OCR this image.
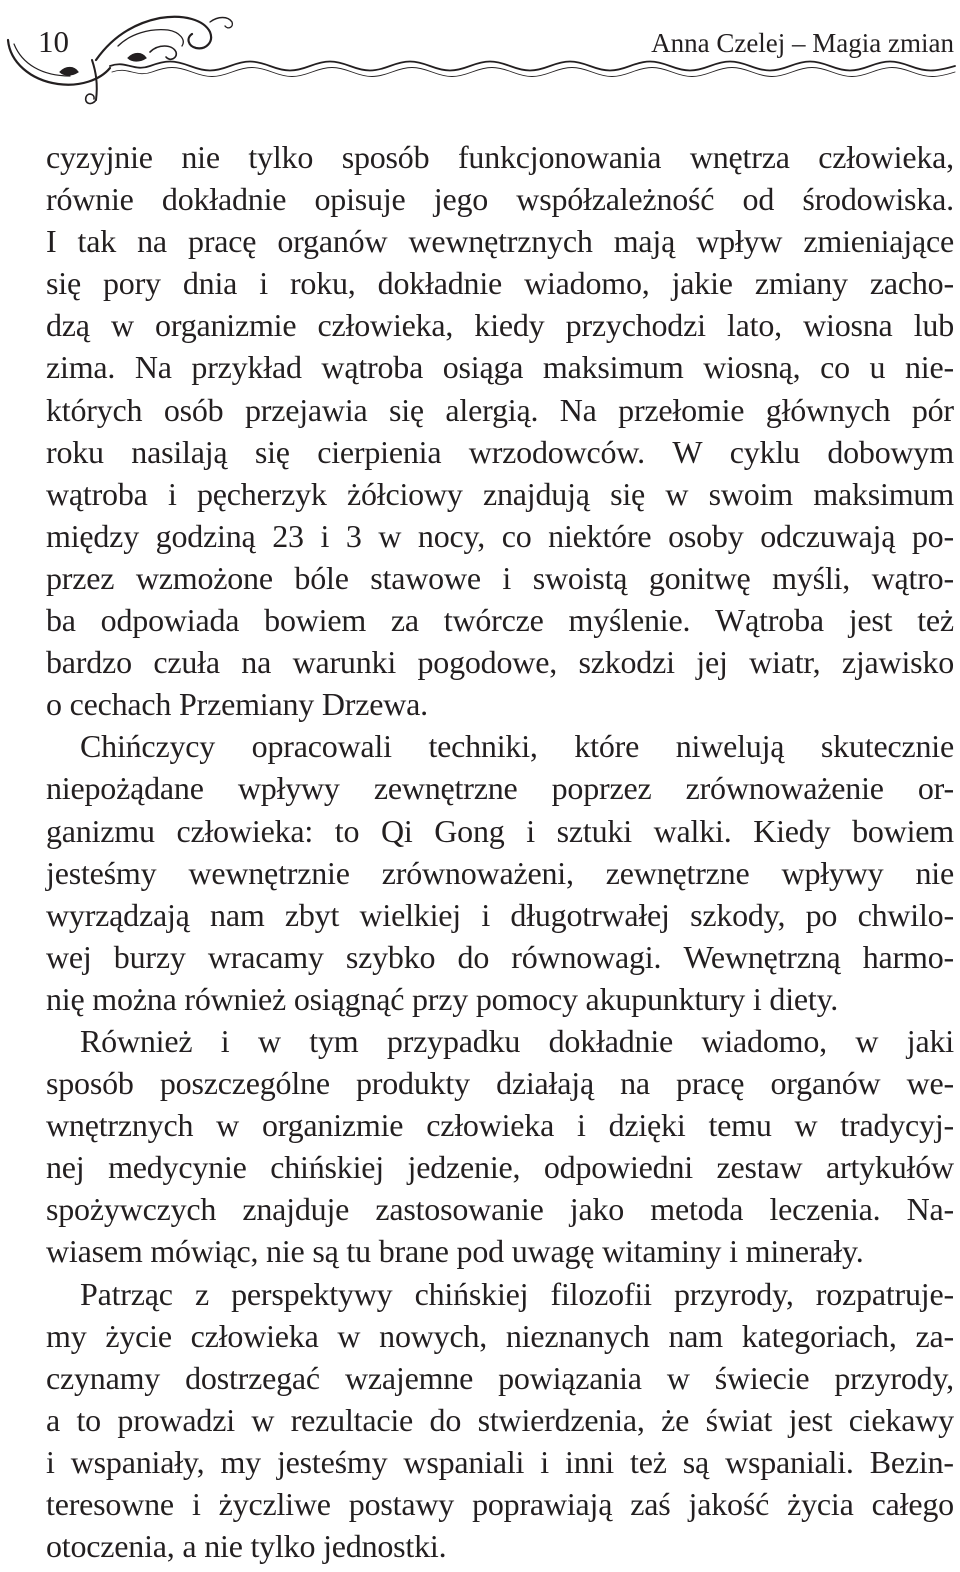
10	Anna Czelej – Magia zmian
cyzyjnie nie tylko sposób funkcjonowania wnętrza człowieka,
równie dokładnie opisuje jego współzależność od środowiska.
I tak na pracę organów wewnętrznych mają wpływ zmieniające
się pory dnia i roku, dokładnie wiadomo, jakie zmiany zacho-
dzą w organizmie człowieka, kiedy przychodzi lato, wiosna lub
zima. Na przykład wątroba osiąga maksimum wiosną, co u nie-
których osób przejawia się alergią. Na przełomie głównych pór
roku nasilają się cierpienia wrzodowców. W cyklu dobowym
wątroba i pęcherzyk żółciowy znajdują się w swoim maksimum
między godziną 23 i 3 w nocy, co niektóre osoby odczuwają po-
przez wzmożone bóle stawowe i swoistą gonitwę myśli, wątro-
ba odpowiada bowiem za twórcze myślenie. Wątroba jest też
bardzo czuła na warunki pogodowe, szkodzi jej wiatr, zjawisko
o cechach Przemiany Drzewa.
Chińczycy opracowali techniki, które niwelują skutecznie
niepożądane wpływy zewnętrzne poprzez zrównoważenie or-
ganizmu człowieka: to Qi Gong i sztuki walki. Kiedy bowiem
jesteśmy wewnętrznie zrównoważeni, zewnętrzne wpływy nie
wyrządzają nam zbyt wielkiej i długotrwałej szkody, po chwilo-
wej burzy wracamy szybko do równowagi. Wewnętrzną harmo-
nię można również osiągnąć przy pomocy akupunktury i diety.
Również i w tym przypadku dokładnie wiadomo, w jaki
sposób poszczególne produkty działają na pracę organów we-
wnętrznych w organizmie człowieka i dzięki temu w tradycyj-
nej medycynie chińskiej jedzenie, odpowiedni zestaw artykułów
spożywczych znajduje zastosowanie jako metoda leczenia. Na-
wiasem mówiąc, nie są tu brane pod uwagę witaminy i minerały.
Patrząc z perspektywy chińskiej filozofii przyrody, rozpatruje-
my życie człowieka w nowych, nieznanych nam kategoriach, za-
czynamy dostrzegać wzajemne powiązania w świecie przyrody,
a to prowadzi w rezultacie do stwierdzenia, że świat jest ciekawy
i wspaniały, my jesteśmy wspaniali i inni też są wspaniali. Bezin-
teresowne i życzliwe postawy poprawiają zaś jakość życia całego
otoczenia, a nie tylko jednostki.
